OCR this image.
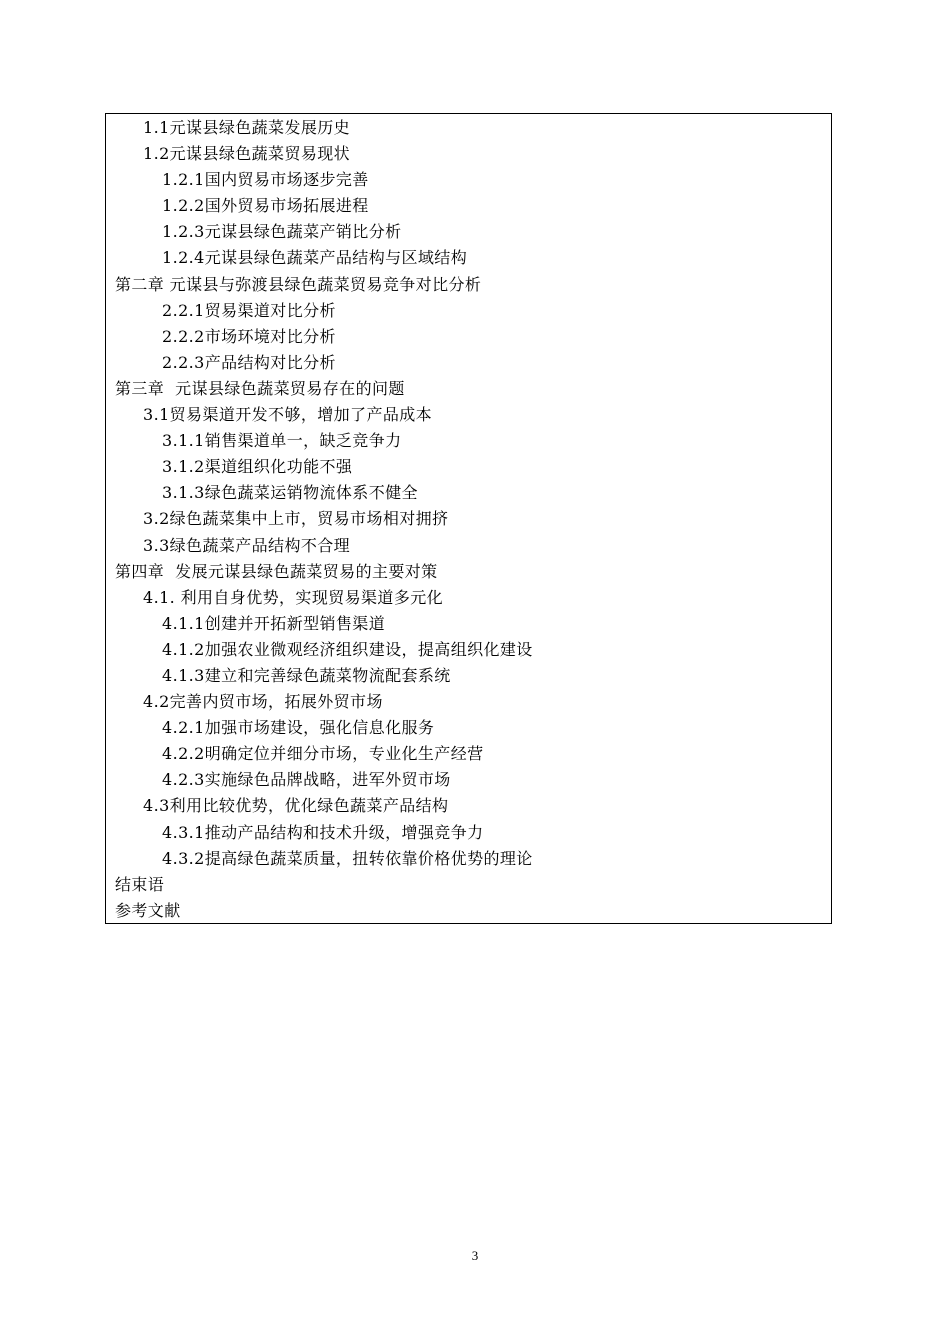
1.1元谋县绿色蔬菜发展历史
1.2元谋县绿色蔬菜贸易现状
1.2.1国内贸易市场逐步完善
1.2.2国外贸易市场拓展进程
1.2.3元谋县绿色蔬菜产销比分析
1.2.4元谋县绿色蔬菜产品结构与区域结构
第二章 元谋县与弥渡县绿色蔬菜贸易竞争对比分析
2.2.1贸易渠道对比分析
2.2.2市场环境对比分析
2.2.3产品结构对比分析
第三章  元谋县绿色蔬菜贸易存在的问题
3.1贸易渠道开发不够，增加了产品成本
3.1.1销售渠道单一，缺乏竞争力
3.1.2渠道组织化功能不强
3.1.3绿色蔬菜运销物流体系不健全
3.2绿色蔬菜集中上市，贸易市场相对拥挤
3.3绿色蔬菜产品结构不合理
第四章  发展元谋县绿色蔬菜贸易的主要对策
4.1. 利用自身优势，实现贸易渠道多元化
4.1.1创建并开拓新型销售渠道
4.1.2加强农业微观经济组织建设，提高组织化建设
4.1.3建立和完善绿色蔬菜物流配套系统
4.2完善内贸市场，拓展外贸市场
4.2.1加强市场建设，强化信息化服务
4.2.2明确定位并细分市场，专业化生产经营
4.2.3实施绿色品牌战略，进军外贸市场
4.3利用比较优势，优化绿色蔬菜产品结构
4.3.1推动产品结构和技术升级，增强竞争力
4.3.2提高绿色蔬菜质量，扭转依靠价格优势的理论
结束语
参考文献
3
